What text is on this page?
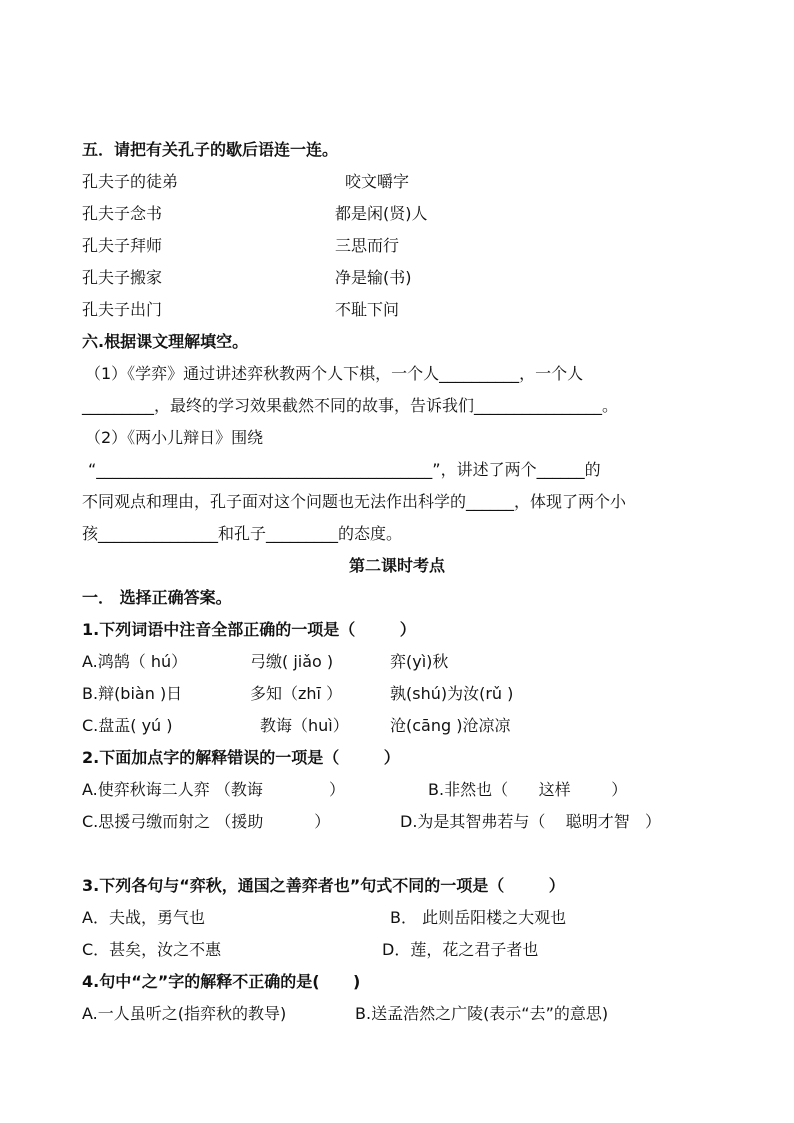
五．请把有关孔子的歇后语连一连。
孔夫子的徒弟	咬文嚼字
孔夫子念书	都是闲(贤)人
孔夫子拜师	三思而行
孔夫子搬家	净是输(书)
孔夫子出门	不耻下问
六.根据课文理解填空。
（1）《学弈》通过讲述弈秋教两个人下棋，一个人__________，一个人
_________，最终的学习效果截然不同的故事，告诉我们________________。
（2）《两小儿辩日》围绕
“__________________________________________”，讲述了两个______的
不同观点和理由，孔子面对这个问题也无法作出科学的______，体现了两个小
孩_______________和孔子_________的态度。
第二课时考点
一． 选择正确答案。
1.下列词语中注音全部正确的一项是（        ）
A.鸿鹄（ hú）	弓缴( jiǎo )	弈(yì)秋
B.辩(biàn )日	多知（zhī ）	孰(shú)为汝(rǔ )
C.盘盂( yú )	教诲（huì）	沧(cāng )沧凉凉
2.下面加点字的解释错误的一项是（        ）
A.使弈秋诲二人弈 （教诲             ）	B.非然也（      这样        ）
C.思援弓缴而射之 （援助          ）	D.为是其智弗若与（    聪明才智   ）
3.下列各句与“弈秋，通国之善弈者也”句式不同的一项是（        ）
A．夫战，勇气也	B． 此则岳阳楼之大观也
C．甚矣，汝之不惠	D．莲，花之君子者也
4.句中“之”字的解释不正确的是(      )
A.一人虽听之(指弈秋的教导)	B.送孟浩然之广陵(表示“去”的意思)
